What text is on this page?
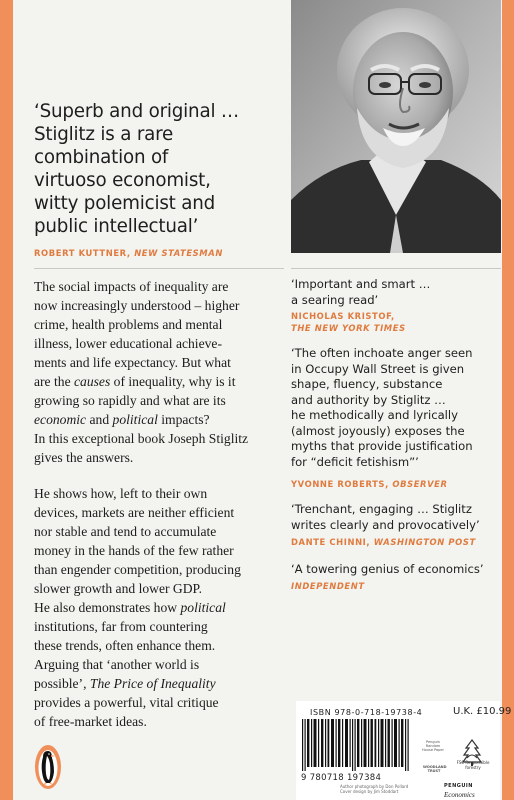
‘Superb and original …
Stiglitz is a rare
combination of
virtuoso economist,
witty polemicist and
public intellectual’

ROBERT KUTTNER, NEW STATESMAN

The social impacts of inequality are
now increasingly understood – higher
crime, health problems and mental
illness, lower educational achieve-
ments and life expectancy. But what
are the causes of inequality, why is it
growing so rapidly and what are its
economic and political impacts?
In this exceptional book Joseph Stiglitz
gives the answers.

He shows how, left to their own
devices, markets are neither efficient
nor stable and tend to accumulate
money in the hands of the few rather
than engender competition, producing
slower growth and lower GDP.
He also demonstrates how political
institutions, far from countering
these trends, often enhance them.
Arguing that ‘another world is
possible’, The Price of Inequality
provides a powerful, vital critique
of free-market ideas.

‘Important and smart …
a searing read’

NICHOLAS KRISTOF,
THE NEW YORK TIMES

‘The often inchoate anger seen
in Occupy Wall Street is given
shape, fluency, substance
and authority by Stiglitz …
he methodically and lyrically
(almost joyously) exposes the
myths that provide justification
for “deficit fetishism”’

YVONNE ROBERTS, OBSERVER

‘Trenchant, engaging … Stiglitz
writes clearly and provocatively’

DANTE CHINNI, WASHINGTON POST

‘A towering genius of economics’

INDEPENDENT
ISBN 978-0-718-19738-4	U.K. £10.99
9 780718 197384
Penguin Random House Paper
WOODLAND TRUST
FSC Responsible forestry
Author photograph by Don Pollard
Cover design by Jim Stoddart
PENGUIN
Economics
